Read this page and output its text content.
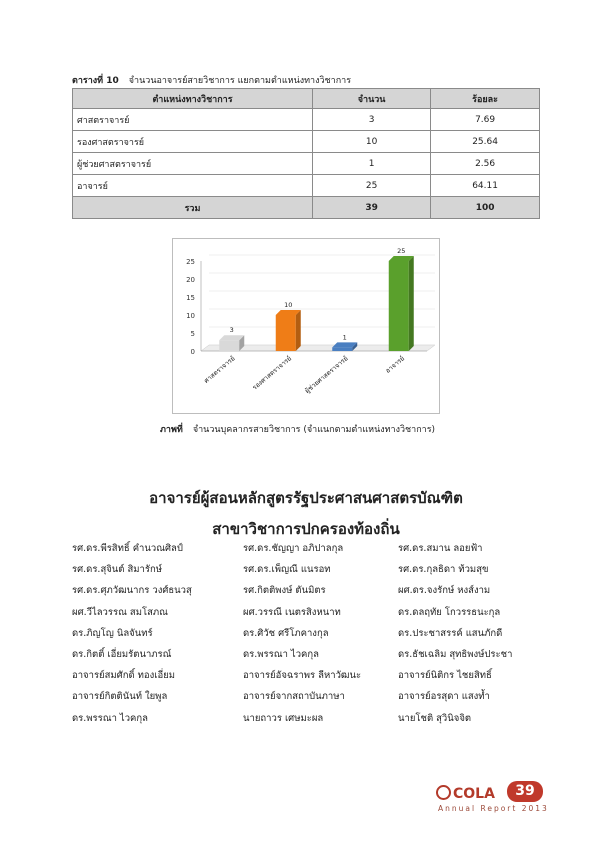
ตารางที่ 10 จำนวนอาจารย์สายวิชาการ แยกตามตำแหน่งทางวิชาการ
ตำแหน่งทางวิชาการ	จำนวน	ร้อยละ
ศาสตราจารย์	3	7.69
รองศาสตราจารย์	10	25.64
ผู้ช่วยศาสตราจารย์	1	2.56
อาจารย์	25	64.11
รวม	39	100
0
5
10
15
20
25
3
ศาสตราจารย์
10
รองศาสตราจารย์
1
ผู้ช่วยศาสตราจารย์
25
อาจารย์
ภาพที่ จำนวนบุคลากรสายวิชาการ (จำแนกตามตำแหน่งทางวิชาการ)
อาจารย์ผู้สอนหลักสูตรรัฐประศาสนศาสตรบัณฑิต
สาขาวิชาการปกครองท้องถิ่น
รศ.ดร.พีรสิทธิ์ คำนวณศิลป์	รศ.ดร.ชัญญา อภิปาลกุล	รศ.ดร.สมาน ลอยฟ้า
รศ.ดร.สุจินต์ สิมารักษ์	รศ.ดร.เพ็ญณี แนรอท	รศ.ดร.กุลธิดา ท้วมสุข
รศ.ดร.ศุภวัฒนากร วงศ์ธนวสุ	รศ.กิตติพงษ์ ตันมิตร	ผศ.ดร.จงรักษ์ หงส์งาม
ผศ.วีไลวรรณ สมโสภณ	ผศ.วรรณี เนตรสิงหนาท	ดร.ดลฤทัย โกวรรธนะกุล
ดร.ภิญโญ นิลจันทร์	ดร.ศิวัช ศรีโภคางกุล	ดร.ประชาสรรค์ แสนภักดี
ดร.กิตติ์ เอี่ยมรัตนาภรณ์	ดร.พรรณา ไวคกุล	ดร.ธัชเฉลิม สุทธิพงษ์ประชา
อาจารย์สมศักดิ์ ทองเอี่ยม	อาจารย์อัจฉราพร ลีหาวัฒนะ	อาจารย์นิติกร ไชยสิทธิ์
อาจารย์กิตตินันท์ ใยพูล	อาจารย์จากสถาบันภาษา	อาจารย์อรสุดา แสงท้ำ
ดร.พรรณา ไวคกุล	นายถาวร เศษมะผล	นายโชติ สุวินิจจิต
COLA	39
Annual Report 2013
